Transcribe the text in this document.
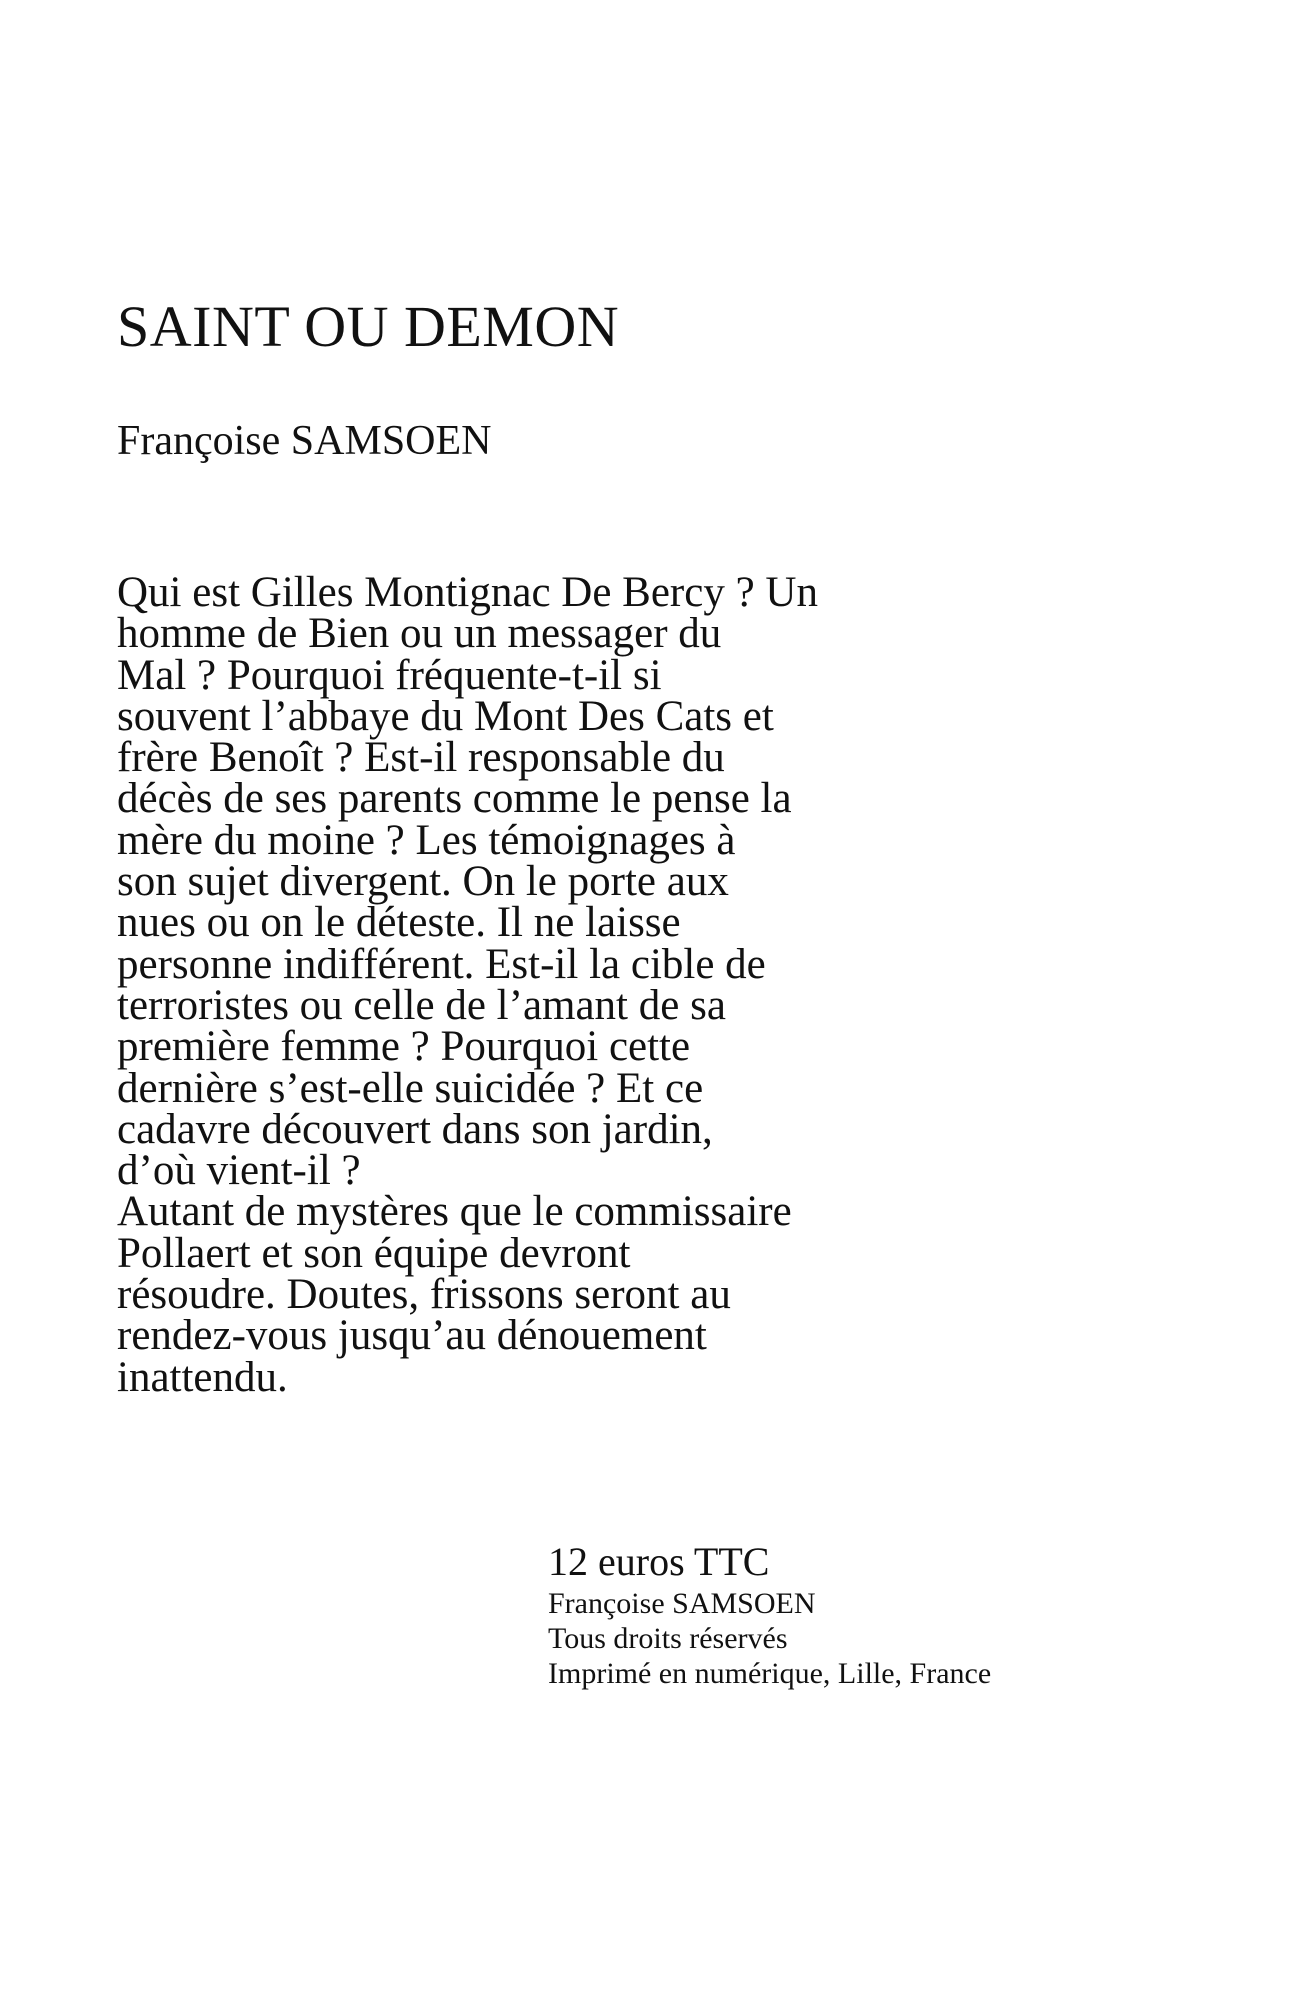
SAINT OU DEMON

Françoise SAMSOEN

Qui est Gilles Montignac De Bercy ? Un
homme de Bien ou un messager du
Mal ? Pourquoi fréquente-t-il si
souvent l’abbaye du Mont Des Cats et
frère Benoît ? Est-il responsable du
décès de ses parents comme le pense la
mère du moine ? Les témoignages à
son sujet divergent. On le porte aux
nues ou on le déteste. Il ne laisse
personne indifférent. Est-il la cible de
terroristes ou celle de l’amant de sa
première femme ? Pourquoi cette
dernière s’est-elle suicidée ? Et ce
cadavre découvert dans son jardin,
d’où vient-il ?
Autant de mystères que le commissaire
Pollaert et son équipe devront
résoudre. Doutes, frissons seront au
rendez-vous jusqu’au dénouement
inattendu.

12 euros TTC

Françoise SAMSOEN

Tous droits réservés

Imprimé en numérique, Lille, France
